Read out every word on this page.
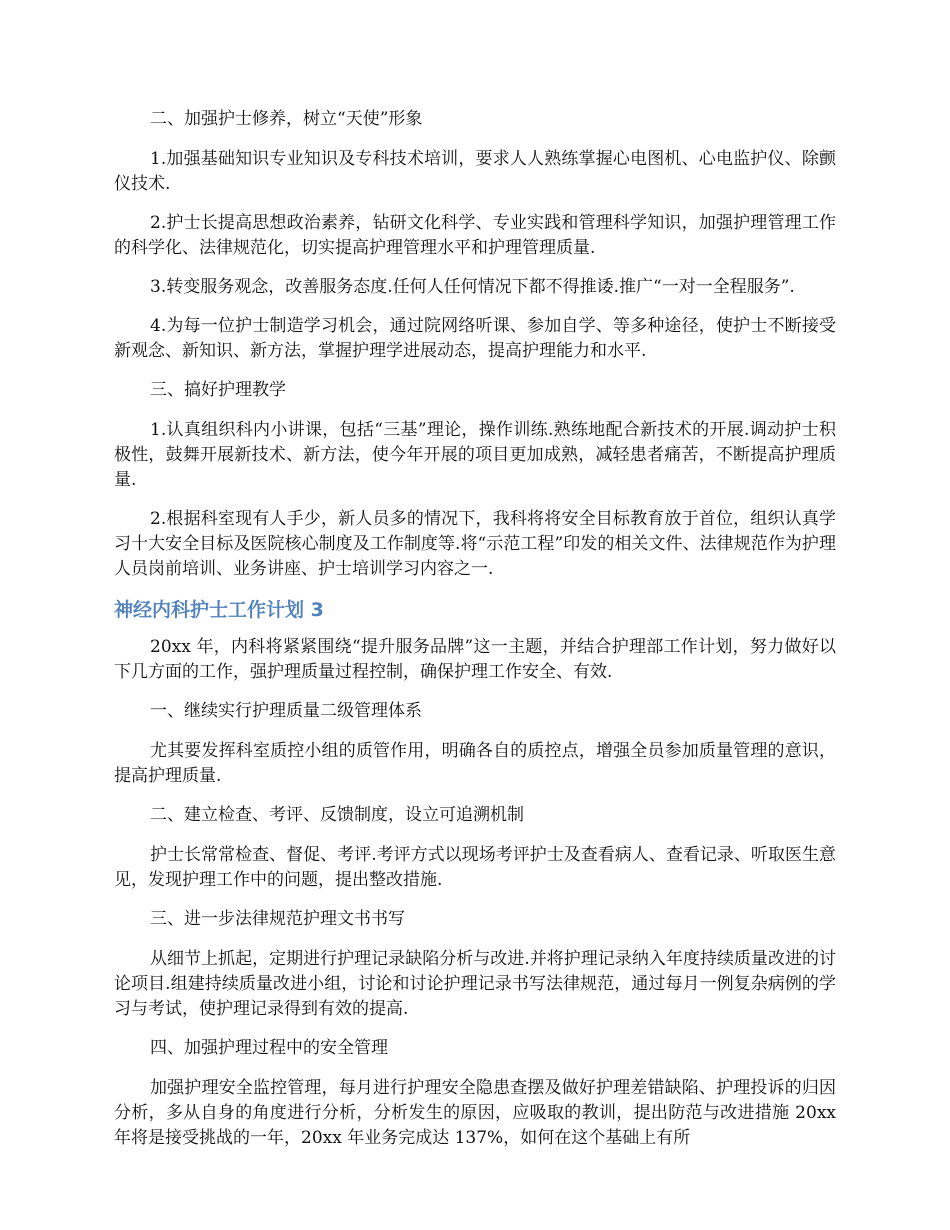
二、加强护士修养，树立“天使”形象

1.加强基础知识专业知识及专科技术培训，要求人人熟练掌握心电图机、心电监护仪、除颤仪技术.

2.护士长提高思想政治素养，钻研文化科学、专业实践和管理科学知识，加强护理管理工作的科学化、法律规范化，切实提高护理管理水平和护理管理质量.

3.转变服务观念，改善服务态度.任何人任何情况下都不得推诿.推广“一对一全程服务”.

4.为每一位护士制造学习机会，通过院网络听课、参加自学、等多种途径，使护士不断接受新观念、新知识、新方法，掌握护理学进展动态，提高护理能力和水平.

三、搞好护理教学

1.认真组织科内小讲课，包括“三基”理论，操作训练.熟练地配合新技术的开展.调动护士积极性，鼓舞开展新技术、新方法，使今年开展的项目更加成熟，减轻患者痛苦，不断提高护理质量.

2.根据科室现有人手少，新人员多的情况下，我科将将安全目标教育放于首位，组织认真学习十大安全目标及医院核心制度及工作制度等.将“示范工程”印发的相关文件、法律规范作为护理人员岗前培训、业务讲座、护士培训学习内容之一.

神经内科护士工作计划 3

20xx 年，内科将紧紧围绕“提升服务品牌”这一主题，并结合护理部工作计划，努力做好以下几方面的工作，强护理质量过程控制，确保护理工作安全、有效.

一、继续实行护理质量二级管理体系

尤其要发挥科室质控小组的质管作用，明确各自的质控点，增强全员参加质量管理的意识，提高护理质量.

二、建立检查、考评、反馈制度，设立可追溯机制

护士长常常检查、督促、考评.考评方式以现场考评护士及查看病人、查看记录、听取医生意见，发现护理工作中的问题，提出整改措施.

三、进一步法律规范护理文书书写

从细节上抓起，定期进行护理记录缺陷分析与改进.并将护理记录纳入年度持续质量改进的讨论项目.组建持续质量改进小组，讨论和讨论护理记录书写法律规范，通过每月一例复杂病例的学习与考试，使护理记录得到有效的提高.

四、加强护理过程中的安全管理

加强护理安全监控管理，每月进行护理安全隐患查摆及做好护理差错缺陷、护理投诉的归因分析，多从自身的角度进行分析，分析发生的原因，应吸取的教训，提出防范与改进措施 20xx 年将是接受挑战的一年，20xx 年业务完成达 137%，如何在这个基础上有所
